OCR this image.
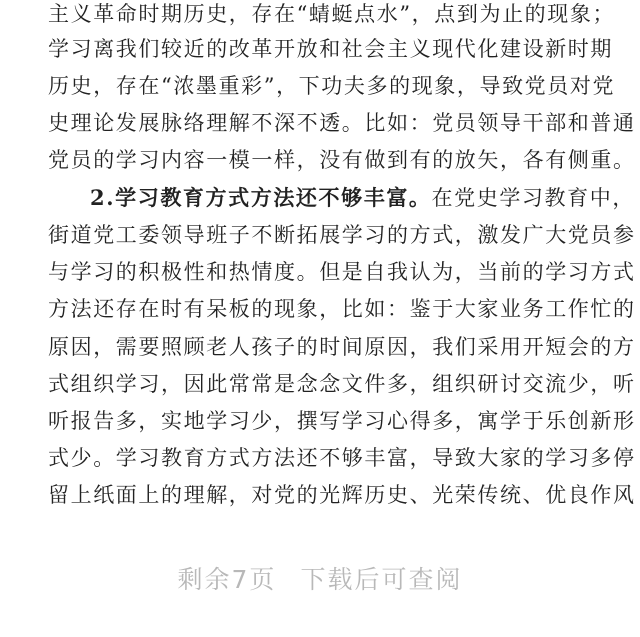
主义革命时期历史，存在“蜻蜓点水”，点到为止的现象；
学习离我们较近的改革开放和社会主义现代化建设新时期
历史，存在“浓墨重彩”，下功夫多的现象，导致党员对党
史理论发展脉络理解不深不透。比如：党员领导干部和普通
党员的学习内容一模一样，没有做到有的放矢，各有侧重。
2.学习教育方式方法还不够丰富。在党史学习教育中，
街道党工委领导班子不断拓展学习的方式，激发广大党员参
与学习的积极性和热情度。但是自我认为，当前的学习方式
方法还存在时有呆板的现象，比如：鉴于大家业务工作忙的
原因，需要照顾老人孩子的时间原因，我们采用开短会的方
式组织学习，因此常常是念念文件多，组织研讨交流少，听
听报告多，实地学习少，撰写学习心得多，寓学于乐创新形
式少。学习教育方式方法还不够丰富，导致大家的学习多停
留上纸面上的理解，对党的光辉历史、光荣传统、优良作风
剩余7页 下载后可查阅
